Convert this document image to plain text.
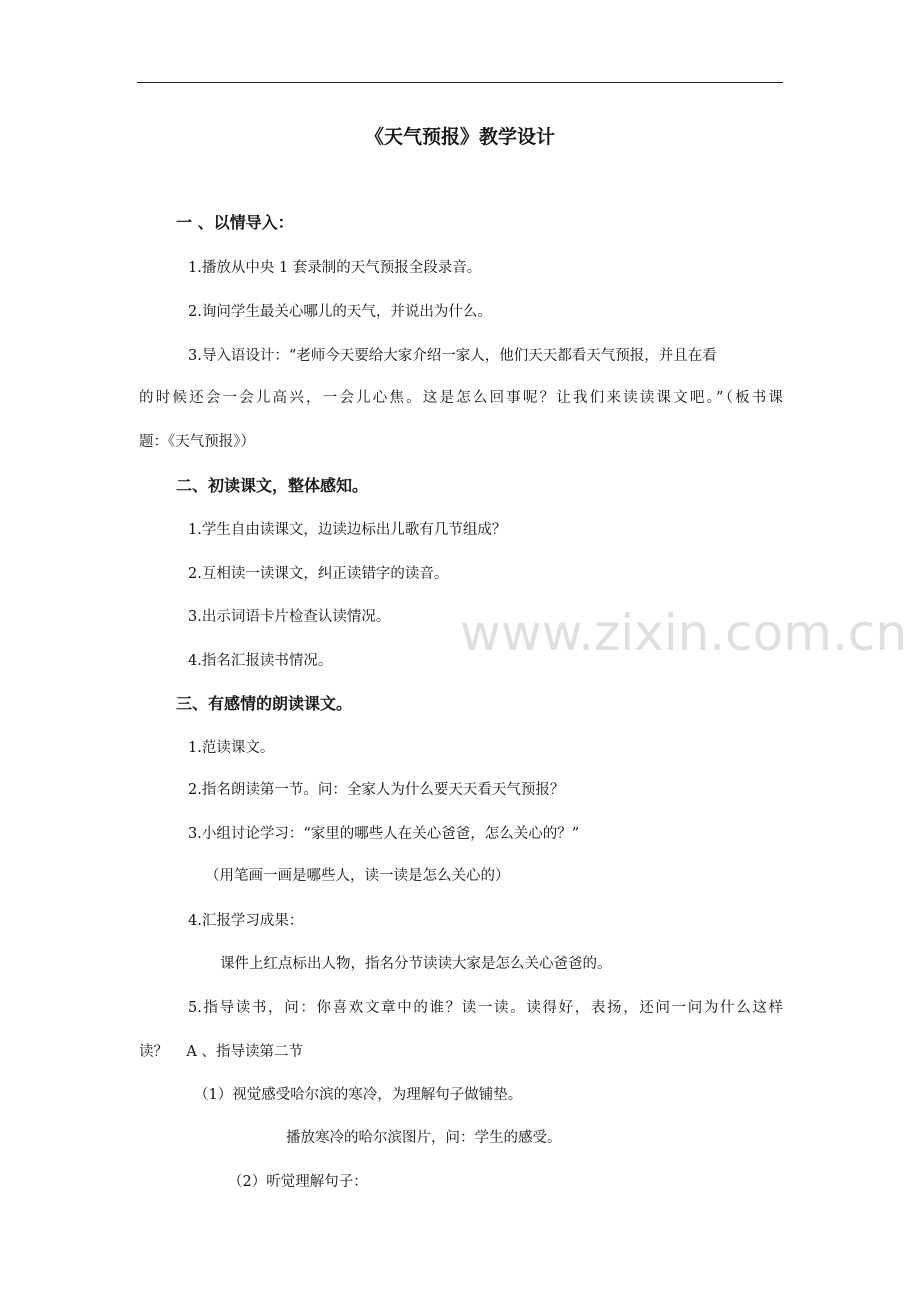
《天气预报》教学设计
一 、以情导入：
1.播放从中央 1 套录制的天气预报全段录音。
2.询问学生最关心哪儿的天气，并说出为什么。
3.导入语设计：“老师今天要给大家介绍一家人，他们天天都看天气预报，并且在看
的时候还会一会儿高兴，一会儿心焦。这是怎么回事呢？让我们来读读课文吧。”（板书课
题：《天气预报》）
二、初读课文，整体感知。
1.学生自由读课文，边读边标出儿歌有几节组成？
2.互相读一读课文，纠正读错字的读音。
3.出示词语卡片检查认读情况。
4.指名汇报读书情况。
三、有感情的朗读课文。
1.范读课文。
2.指名朗读第一节。问：全家人为什么要天天看天气预报？
3.小组讨论学习：“家里的哪些人在关心爸爸，怎么关心的？”
（用笔画一画是哪些人，读一读是怎么关心的）
4.汇报学习成果：
课件上红点标出人物，指名分节读读大家是怎么关心爸爸的。
5.指导读书，问：你喜欢文章中的谁？读一读。读得好，表扬，还问一问为什么这样
读？    A 、指导读第二节
（1）视觉感受哈尔滨的寒冷，为理解句子做铺垫。
播放寒冷的哈尔滨图片，问：学生的感受。
（2）听觉理解句子：
www.zixin.com.cn
